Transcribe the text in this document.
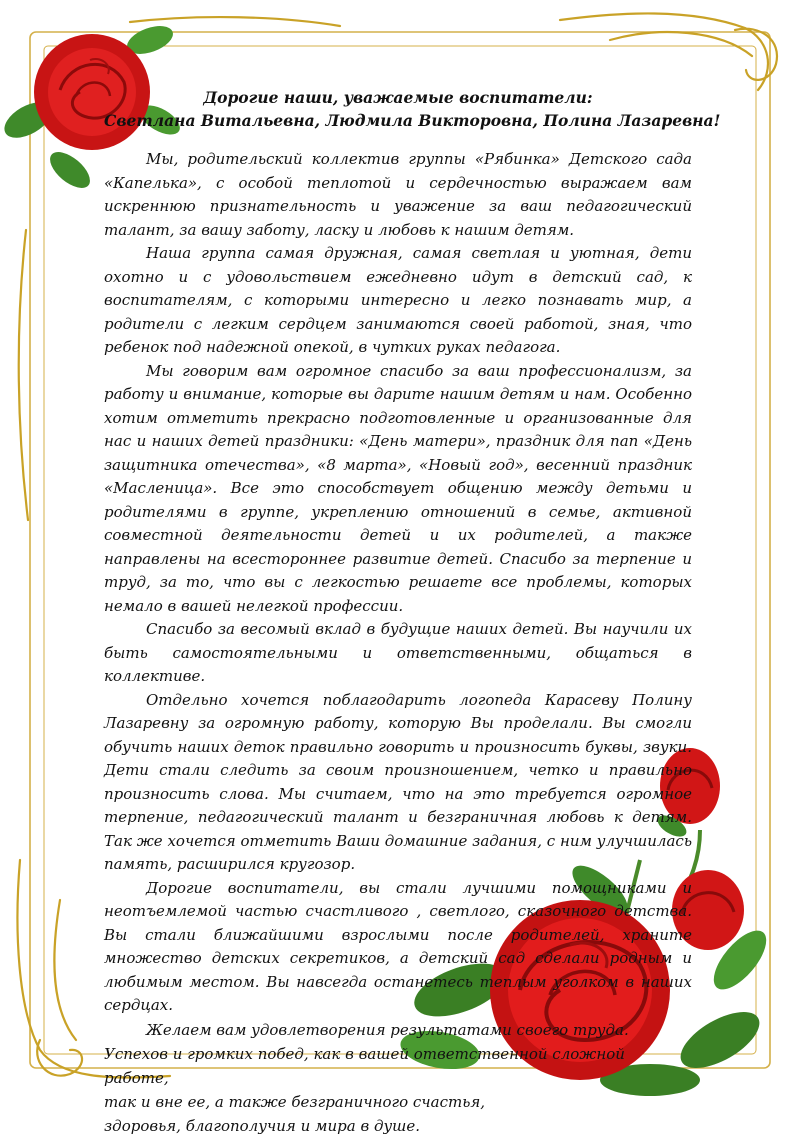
Дорогие наши, уважаемые воспитатели:
Светлана Витальевна, Людмила Викторовна, Полина Лазаревна!

Мы, родительский коллектив группы «Рябинка» Детского сада «Капелька», с особой теплотой и сердечностью выражаем вам искреннюю признательность и уважение за ваш педагогический талант, за вашу заботу, ласку и любовь к нашим детям.

Наша группа самая дружная, самая светлая и уютная, дети охотно и с удовольствием ежедневно идут в детский сад, к воспитателям, с которыми интересно и легко познавать мир, а родители с легким сердцем занимаются своей работой, зная, что ребенок под надежной опекой, в чутких руках педагога.

Мы говорим вам огромное спасибо за ваш профессионализм, за работу и внимание, которые вы дарите нашим детям и нам. Особенно хотим отметить прекрасно подготовленные и организованные для нас и наших детей праздники: «День матери», праздник для пап «День защитника отечества», «8 марта», «Новый год», весенний праздник «Масленица». Все это способствует общению между детьми и родителями в группе, укреплению отношений в семье, активной совместной деятельности детей и их родителей, а также направлены на всестороннее развитие детей. Спасибо за терпение и труд, за то, что вы с легкостью решаете все проблемы, которых немало в вашей нелегкой профессии.

Спасибо за весомый вклад в будущие наших детей. Вы научили их быть самостоятельными и ответственными, общаться в коллективе.

Отдельно хочется поблагодарить логопеда Карасеву Полину Лазаревну за огромную работу, которую Вы проделали. Вы смогли обучить наших деток правильно говорить и произносить буквы, звуки. Дети стали следить за своим произношением, четко и правильно произносить слова. Мы считаем, что на это требуется огромное терпение, педагогический талант и безграничная любовь к детям. Так же хочется отметить Ваши домашние задания, с ним улучшилась память, расширился кругозор.

Дорогие воспитатели, вы стали лучшими помощниками и неотъемлемой частью счастливого , светлого, сказочного детства. Вы стали ближайшими взрослыми после родителей, храните множество детских секретиков, а детский сад сделали родным и любимым местом. Вы навсегда останетесь теплым уголком в наших сердцах.

Желаем вам удовлетворения результатами своего труда.
Успехов и громких побед, как в вашей ответственной сложной работе,
так и вне ее, а также безграничного счастья,
здоровья, благополучия и мира в душе.
